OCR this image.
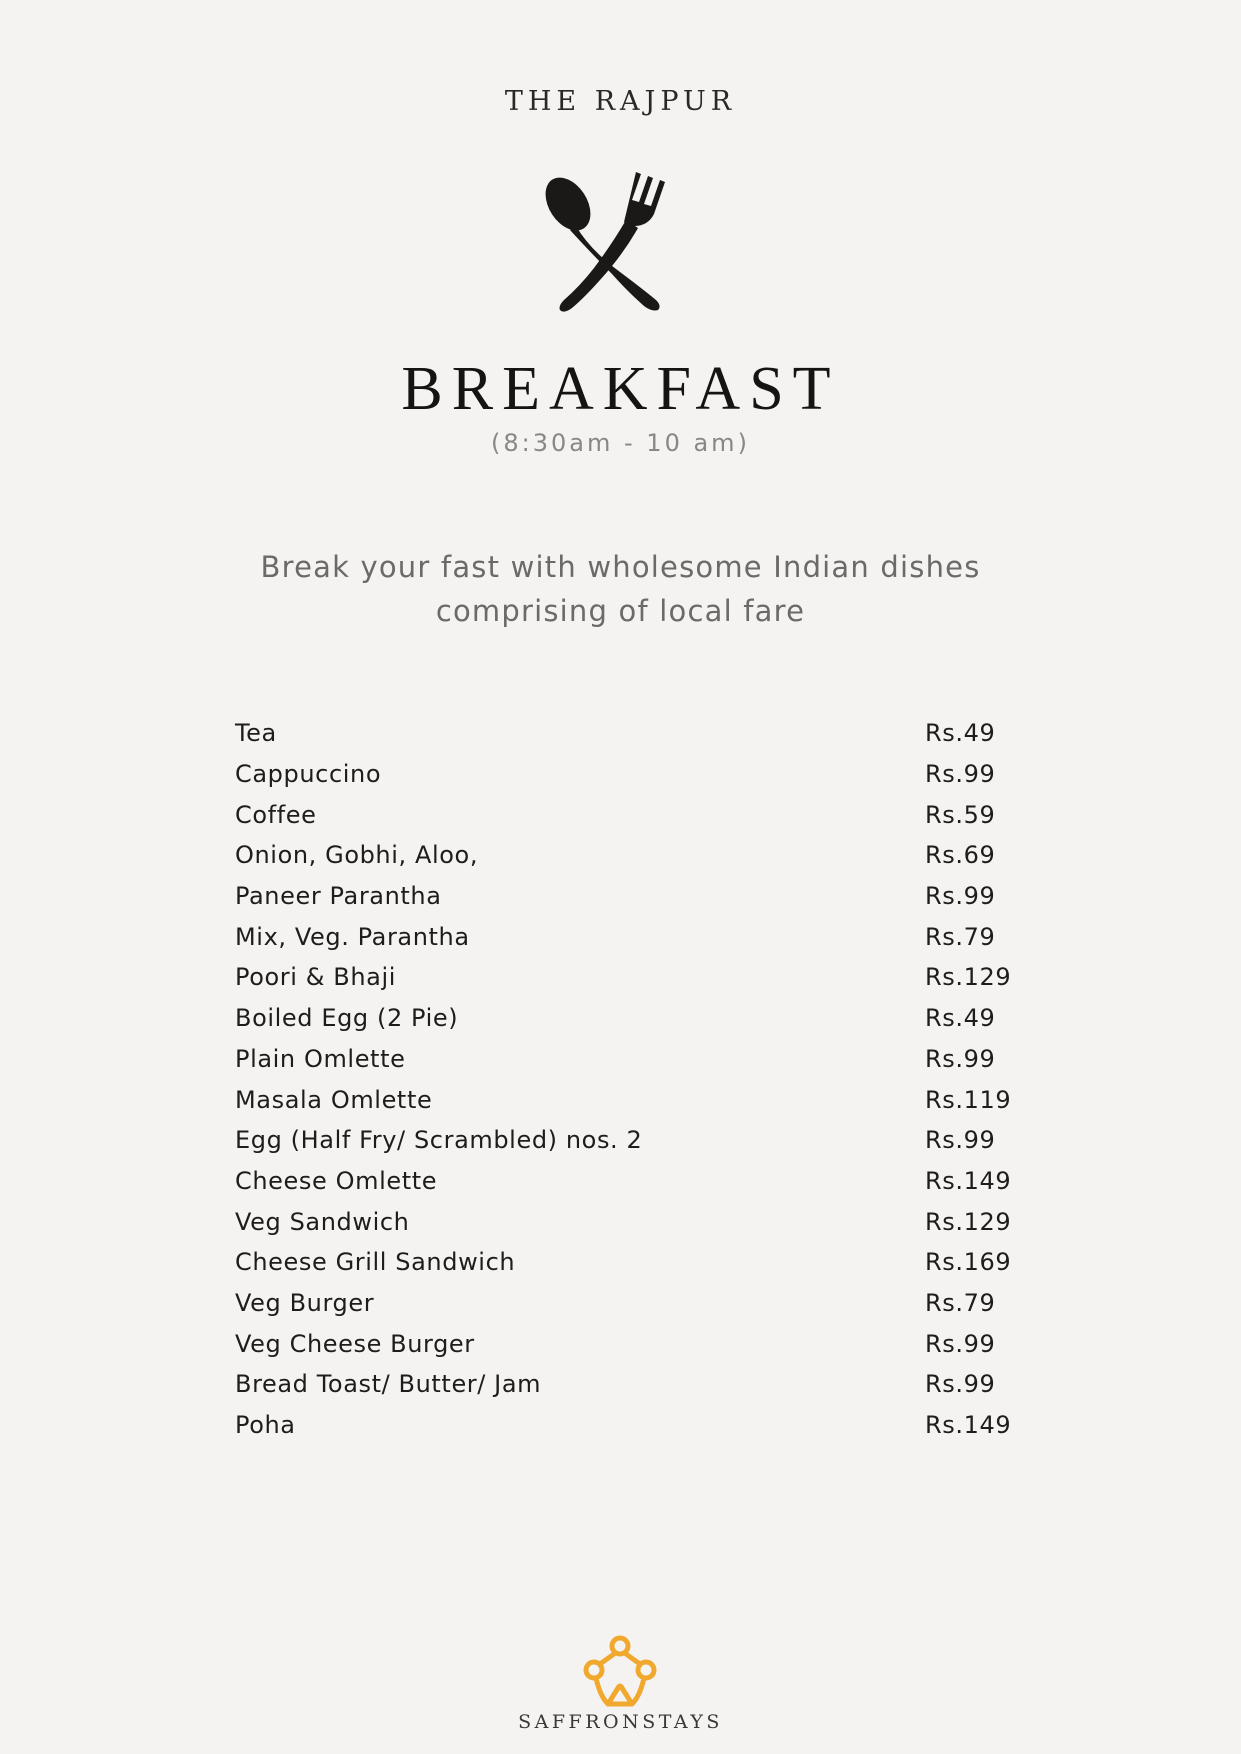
THE RAJPUR
BREAKFAST
(8:30am - 10 am)
Break your fast with wholesome Indian dishes
comprising of local fare
Tea	Rs.49
Cappuccino	Rs.99
Coffee	Rs.59
Onion, Gobhi, Aloo,	Rs.69
Paneer Parantha	Rs.99
Mix, Veg. Parantha	Rs.79
Poori & Bhaji	Rs.129
Boiled Egg (2 Pie)	Rs.49
Plain Omlette	Rs.99
Masala Omlette	Rs.119
Egg (Half Fry/ Scrambled) nos. 2	Rs.99
Cheese Omlette	Rs.149
Veg Sandwich	Rs.129
Cheese Grill Sandwich	Rs.169
Veg Burger	Rs.79
Veg Cheese Burger	Rs.99
Bread Toast/ Butter/ Jam	Rs.99
Poha	Rs.149
SAFFRONSTAYS
